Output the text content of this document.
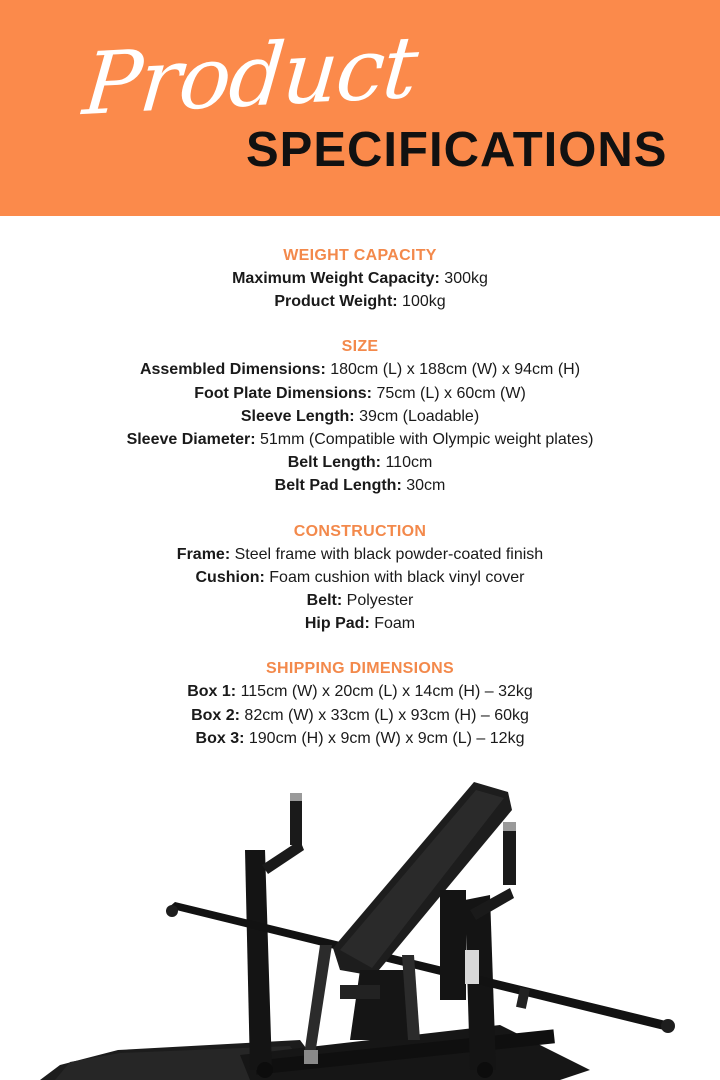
Product
SPECIFICATIONS
WEIGHT CAPACITY
Maximum Weight Capacity: 300kg
Product Weight: 100kg
SIZE
Assembled Dimensions: 180cm (L) x 188cm (W) x 94cm (H)
Foot Plate Dimensions: 75cm (L) x 60cm (W)
Sleeve Length: 39cm (Loadable)
Sleeve Diameter: 51mm (Compatible with Olympic weight plates)
Belt Length: 110cm
Belt Pad Length: 30cm
CONSTRUCTION
Frame: Steel frame with black powder-coated finish
Cushion: Foam cushion with black vinyl cover
Belt: Polyester
Hip Pad: Foam
SHIPPING DIMENSIONS
Box 1: 115cm (W) x 20cm (L) x 14cm (H) – 32kg
Box 2: 82cm (W) x 33cm (L) x 93cm (H) – 60kg
Box 3: 190cm (H) x 9cm (W) x 9cm (L) – 12kg
